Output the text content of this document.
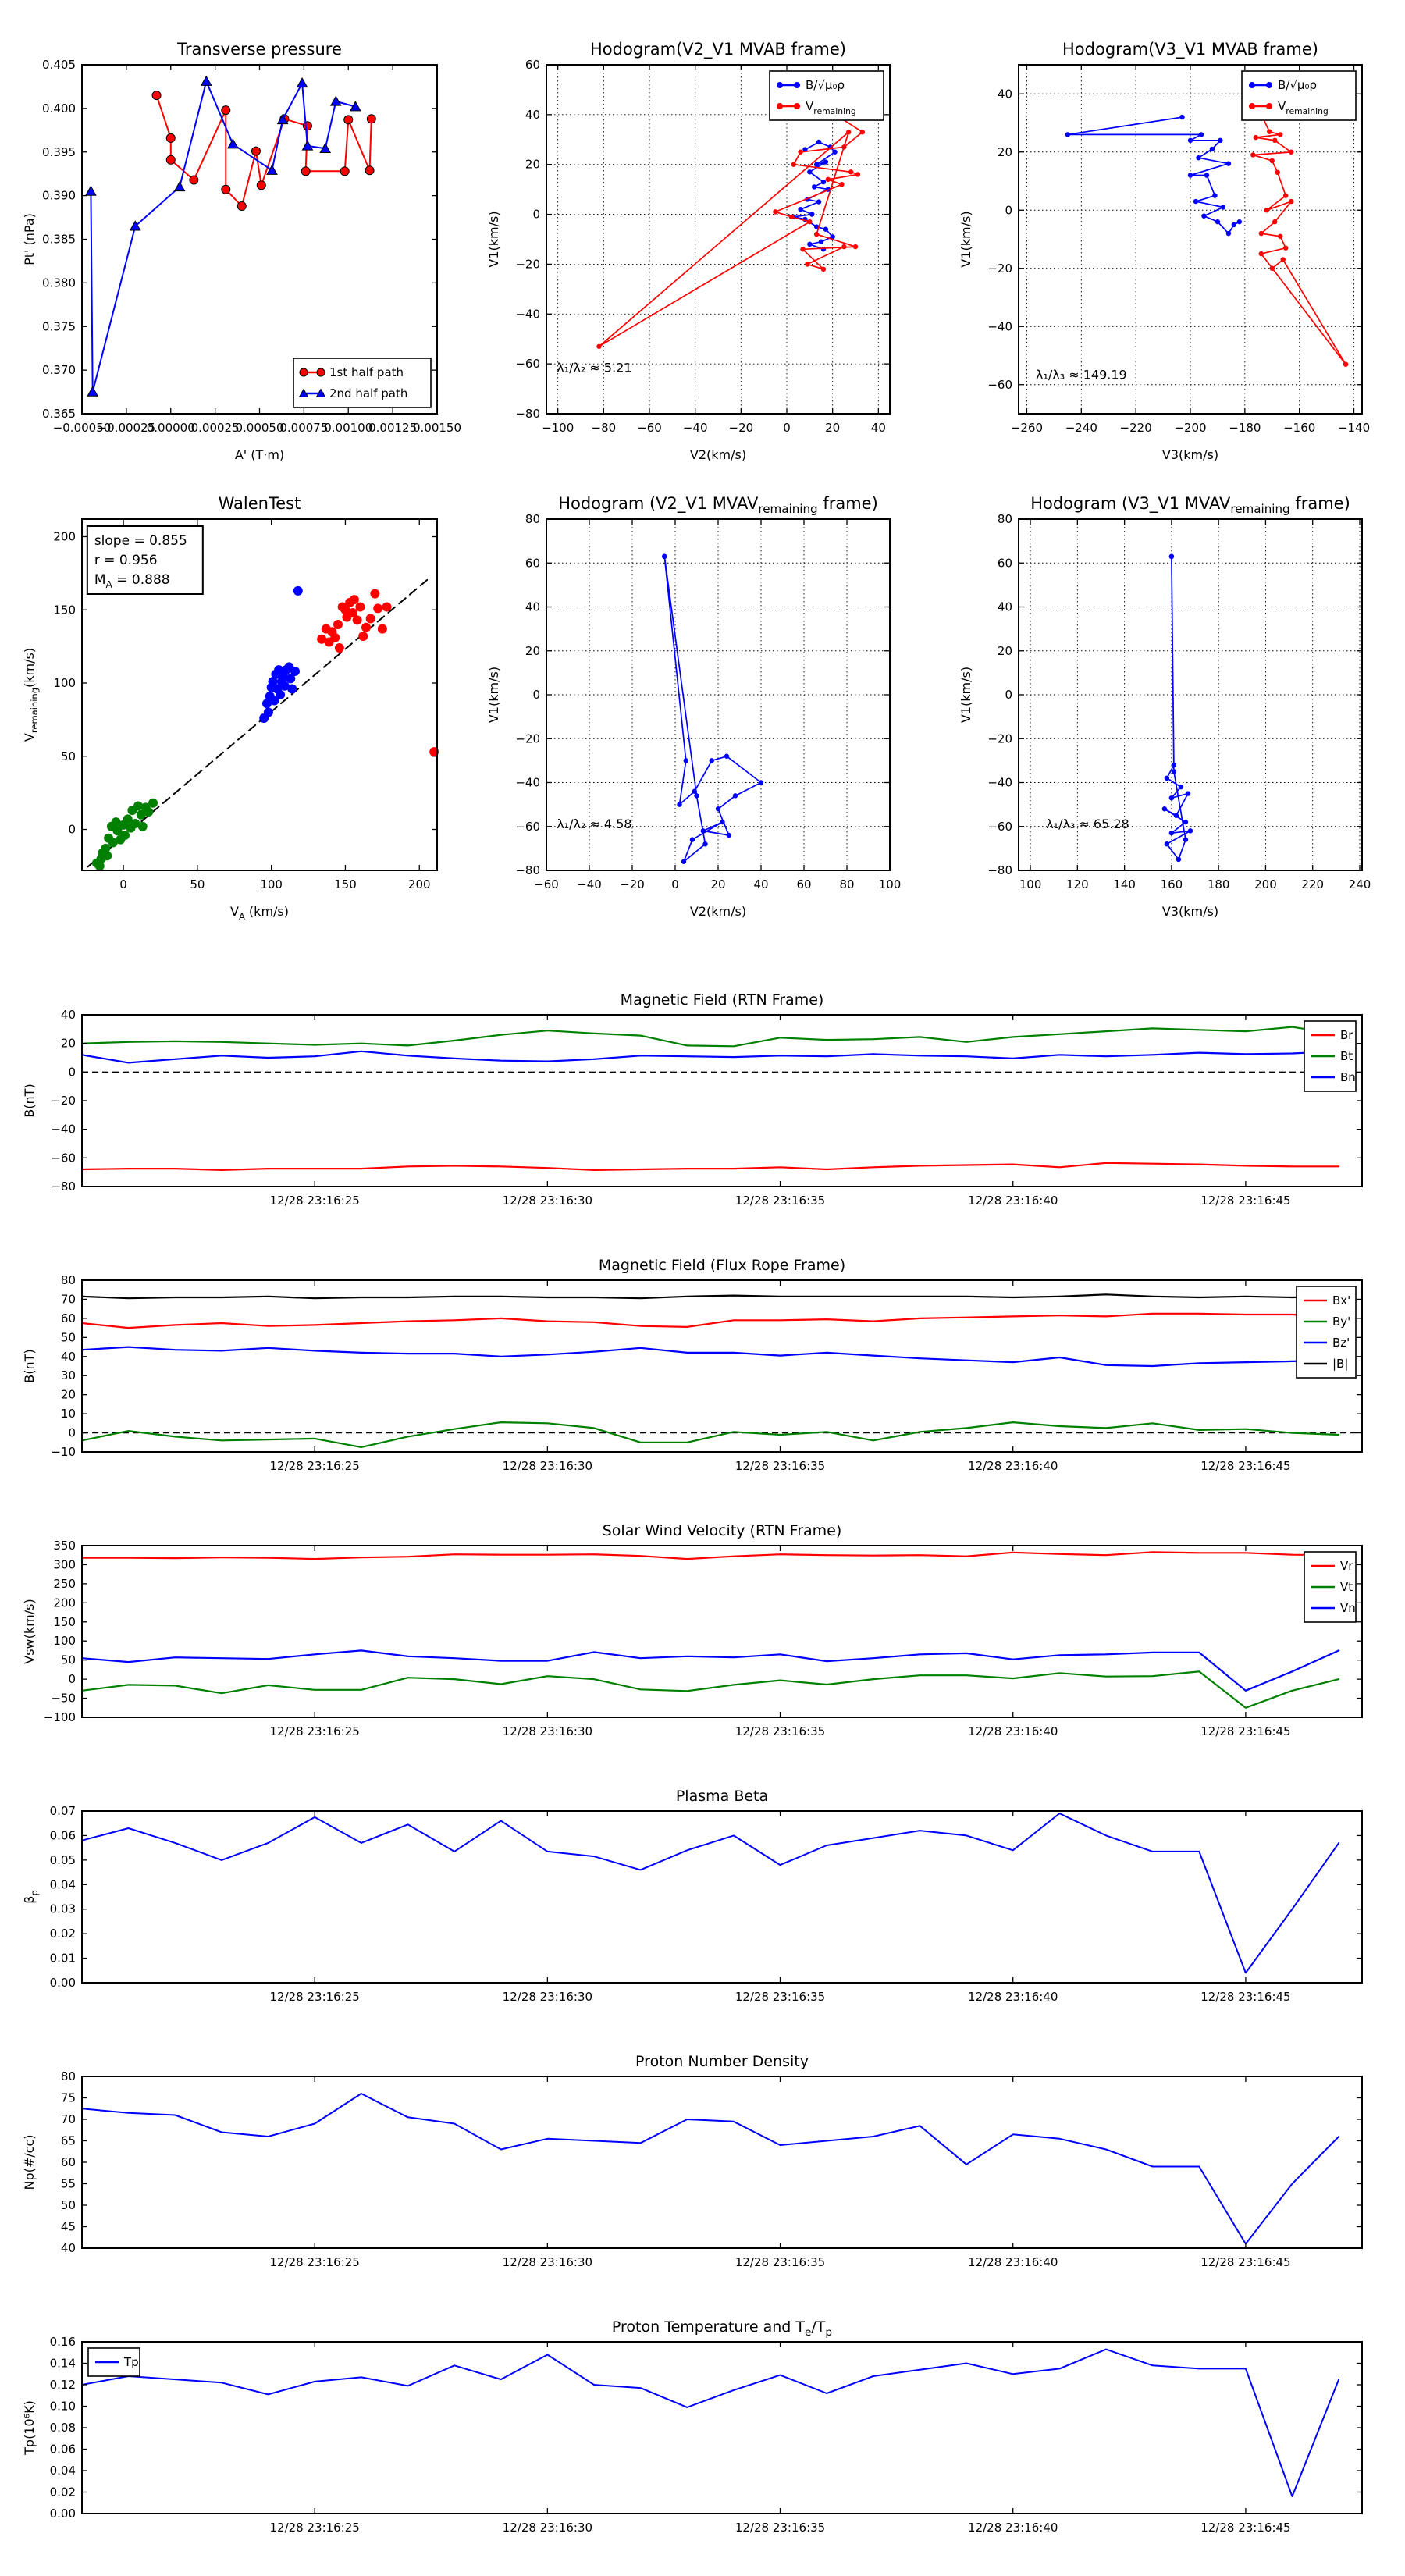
−0.00050
−0.00025
0.00000
0.00025
0.00050
0.00075
0.00100
0.00125
0.00150
0.365
0.370
0.375
0.380
0.385
0.390
0.395
0.400
0.405
Transverse pressure
A' (T·m)
Pt' (nPa)
1st half path
2nd half path
−100 −80 −60 −40 −20	0	20	40
−80
−60
−40
−20
0
20
40
60
Hodogram(V2_V1 MVAB frame)
V2(km/s)
V1(km/s)
B/√μ₀ρ
$V_{remaining}$
λ₁/λ₂ ≈ 5.21
−260 −240 −220 −200 −180 −160 −140
−60
−40
−20
0
20
40
Hodogram(V3_V1 MVAB frame)
V3(km/s)
V1(km/s)
B/√μ₀ρ
$V_{remaining}$
λ₁/λ₃ ≈ 149.19
0	50	100	150	200
0
50
100
150
200
WalenTest
$V_A$ (km/s)
$V_{remaining}(km/s)$
slope = 0.855
r = 0.956
$M_A = 0.888$
−60 −40 −20 0	20 40 60 80 100
−80
−60
−40
−20
0
20
40
60
80
Hodogram (V2_V1 $MVAV_{remaining}$ frame)
V2(km/s)
V1(km/s)
λ₁/λ₂ ≈ 4.58
100 120 140 160 180 200 220 240
−80
−60
−40
−20
0
20
40
60
80
Hodogram (V3_V1 $MVAV_{remaining}$ frame)
V3(km/s)
V1(km/s)
λ₁/λ₃ ≈ 65.28
12/28 23:16:25	12/28 23:16:30	12/28 23:16:35	12/28 23:16:40	12/28 23:16:45
−80
−60
−40
−20
0
20
40
Magnetic Field (RTN Frame)
B(nT)
Br
Bt
Bn
12/28 23:16:25	12/28 23:16:30	12/28 23:16:35	12/28 23:16:40	12/28 23:16:45
−10
0
10
20
30
40
50
60
70
80
Magnetic Field (Flux Rope Frame)
B(nT)
Bx'
By'
Bz'
|B|
12/28 23:16:25	12/28 23:16:30	12/28 23:16:35	12/28 23:16:40	12/28 23:16:45
−100
−50
0
50
100
150
200
250
300
350
Solar Wind Velocity (RTN Frame)
Vsw(km/s)
Vr
Vt
Vn
12/28 23:16:25	12/28 23:16:30	12/28 23:16:35	12/28 23:16:40	12/28 23:16:45
0.00
0.01
0.02
0.03
0.04
0.05
0.06
0.07
Plasma Beta
$\beta_p$
12/28 23:16:25	12/28 23:16:30	12/28 23:16:35	12/28 23:16:40	12/28 23:16:45
40
45
50
55
60
65
70
75
80
Proton Number Density
Np(#/cc)
12/28 23:16:25	12/28 23:16:30	12/28 23:16:35	12/28 23:16:40	12/28 23:16:45
0.00
0.02
0.04
0.06
0.08
0.10
0.12
0.14
0.16
Proton Temperature and $T_e/T_p$
Tp(10⁶K)
Tp
